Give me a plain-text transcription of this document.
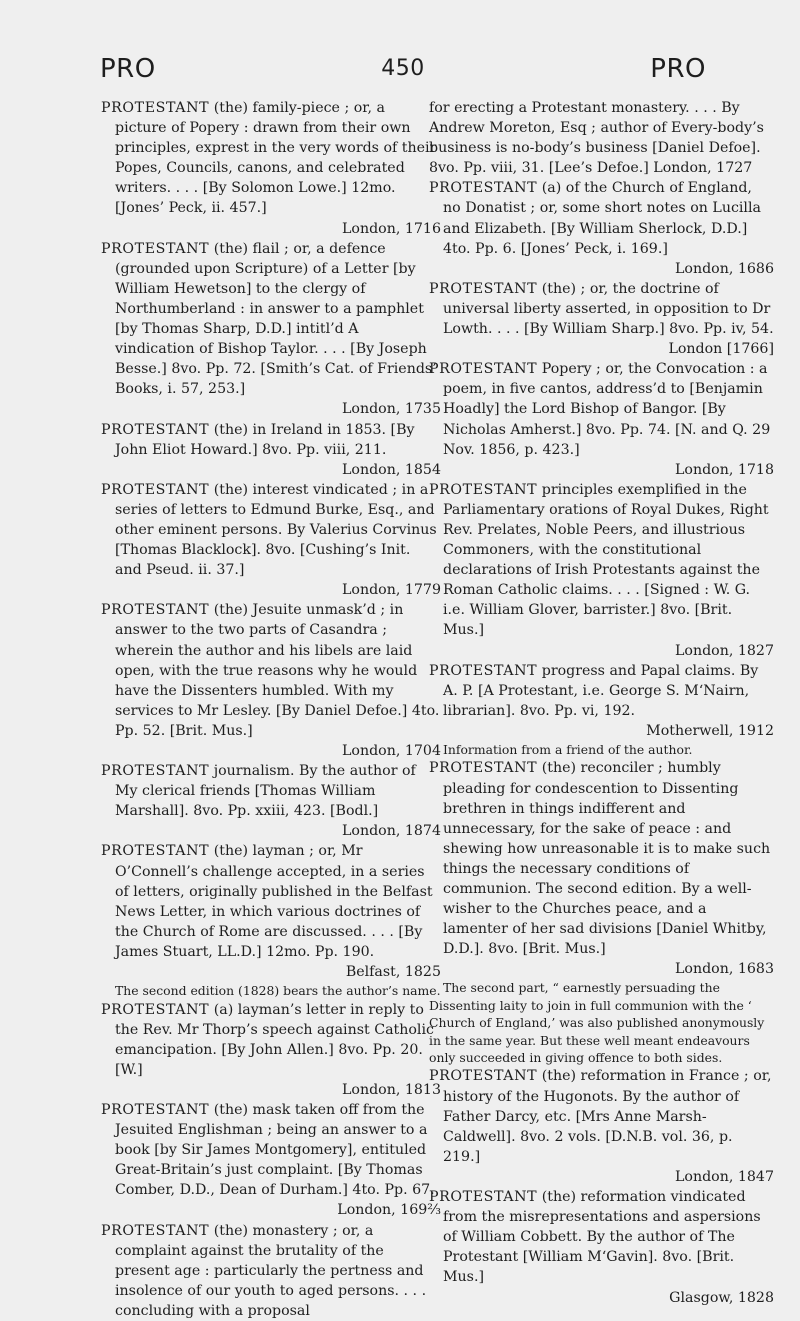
PRO	450	PRO

PROTESTANT (the) family-piece ; or, a picture of Popery : drawn from their own principles, exprest in the very words of their Popes, Councils, canons, and celebrated writers. . . . [By Solomon Lowe.] 12mo. [Jones’ Peck, ii. 457.]
London, 1716

PROTESTANT (the) flail ; or, a defence (grounded upon Scripture) of a Letter [by William Hewetson] to the clergy of Northumberland : in answer to a pamphlet [by Thomas Sharp, D.D.] intitl’d A vindication of Bishop Taylor. . . . [By Joseph Besse.] 8vo. Pp. 72. [Smith’s Cat. of Friends’ Books, i. 57, 253.]
London, 1735

PROTESTANT (the) in Ireland in 1853. [By John Eliot Howard.] 8vo. Pp. viii, 211.
London, 1854

PROTESTANT (the) interest vindicated ; in a series of letters to Edmund Burke, Esq., and other eminent persons. By Valerius Corvinus [Thomas Blacklock]. 8vo. [Cushing’s Init. and Pseud. ii. 37.]
London, 1779

PROTESTANT (the) Jesuite unmask’d ; in answer to the two parts of Casandra ; wherein the author and his libels are laid open, with the true reasons why he would have the Dissenters humbled. With my services to Mr Lesley. [By Daniel Defoe.] 4to. Pp. 52. [Brit. Mus.]
London, 1704

PROTESTANT journalism. By the author of My clerical friends [Thomas William Marshall]. 8vo. Pp. xxiii, 423. [Bodl.]
London, 1874

PROTESTANT (the) layman ; or, Mr O’Connell’s challenge accepted, in a series of letters, originally published in the Belfast News Letter, in which various doctrines of the Church of Rome are discussed. . . . [By James Stuart, LL.D.] 12mo. Pp. 190.
Belfast, 1825

The second edition (1828) bears the author’s name.

PROTESTANT (a) layman’s letter in reply to the Rev. Mr Thorp’s speech against Catholic emancipation. [By John Allen.] 8vo. Pp. 20. [W.]
London, 1813

PROTESTANT (the) mask taken off from the Jesuited Englishman ; being an answer to a book [by Sir James Montgomery], entituled Great-Britain’s just complaint. [By Thomas Comber, D.D., Dean of Durham.] 4to. Pp. 67.
London, 169⅔

PROTESTANT (the) monastery ; or, a complaint against the brutality of the present age : particularly the pertness and insolence of our youth to aged persons. . . . concluding with a proposal

for erecting a Protestant monastery. . . . By Andrew Moreton, Esq ; author of Every-body’s business is no-body’s business [Daniel Defoe]. 8vo. Pp. viii, 31. [Lee’s Defoe.] London, 1727

PROTESTANT (a) of the Church of England, no Donatist ; or, some short notes on Lucilla and Elizabeth. [By William Sherlock, D.D.] 4to. Pp. 6. [Jones’ Peck, i. 169.]
London, 1686

PROTESTANT (the) ; or, the doctrine of universal liberty asserted, in opposition to Dr Lowth. . . . [By William Sharp.] 8vo. Pp. iv, 54.
London [1766]

PROTESTANT Popery ; or, the Convocation : a poem, in five cantos, address’d to [Benjamin Hoadly] the Lord Bishop of Bangor. [By Nicholas Amherst.] 8vo. Pp. 74. [N. and Q. 29 Nov. 1856, p. 423.]
London, 1718

PROTESTANT principles exemplified in the Parliamentary orations of Royal Dukes, Right Rev. Prelates, Noble Peers, and illustrious Commoners, with the constitutional declarations of Irish Protestants against the Roman Catholic claims. . . . [Signed : W. G. i.e. William Glover, barrister.] 8vo. [Brit. Mus.]
London, 1827

PROTESTANT progress and Papal claims. By A. P. [A Protestant, i.e. George S. M‘Nairn, librarian]. 8vo. Pp. vi, 192.
Motherwell, 1912

Information from a friend of the author.

PROTESTANT (the) reconciler ; humbly pleading for condescention to Dissenting brethren in things indifferent and unnecessary, for the sake of peace : and shewing how unreasonable it is to make such things the necessary conditions of communion. The second edition. By a well-wisher to the Churches peace, and a lamenter of her sad divisions [Daniel Whitby, D.D.]. 8vo. [Brit. Mus.]
London, 1683

The second part, “ earnestly persuading the Dissenting laity to join in full communion with the ‘ Church of England,’ was also published anonymously in the same year. But these well meant endeavours only succeeded in giving offence to both sides.

PROTESTANT (the) reformation in France ; or, history of the Hugonots. By the author of Father Darcy, etc. [Mrs Anne Marsh-Caldwell]. 8vo. 2 vols. [D.N.B. vol. 36, p. 219.]
London, 1847

PROTESTANT (the) reformation vindicated from the misrepresentations and aspersions of William Cobbett. By the author of The Protestant [William M‘Gavin]. 8vo. [Brit. Mus.]
Glasgow, 1828
